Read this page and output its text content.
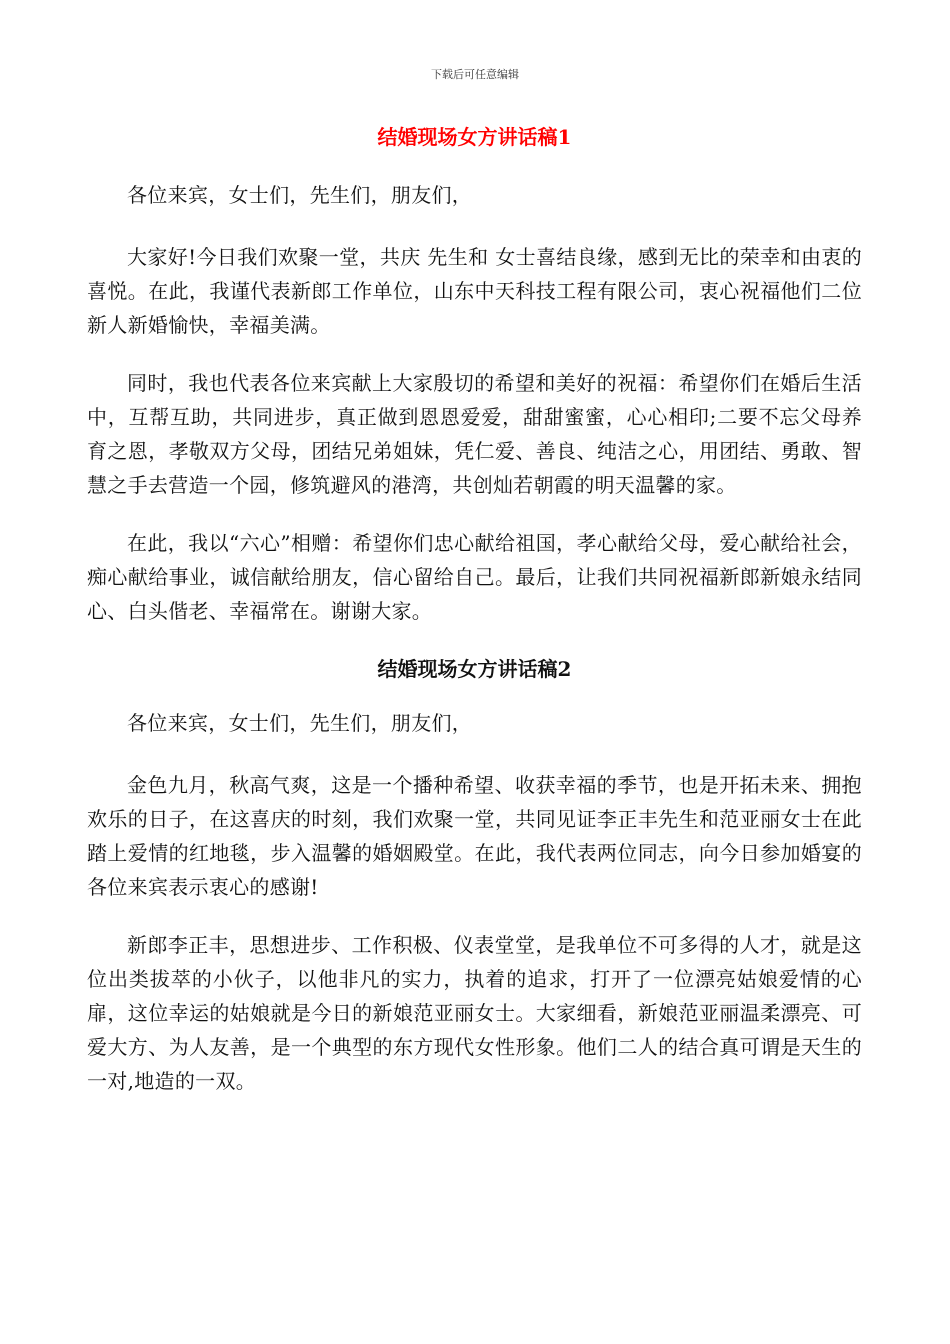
下载后可任意编辑
结婚现场女方讲话稿1

各位来宾，女士们，先生们，朋友们，

大家好!今日我们欢聚一堂，共庆 先生和 女士喜结良缘，感到无比的荣幸和由衷的喜悦。在此，我谨代表新郎工作单位，山东中天科技工程有限公司，衷心祝福他们二位新人新婚愉快，幸福美满。

同时，我也代表各位来宾献上大家殷切的希望和美好的祝福：希望你们在婚后生活中，互帮互助，共同进步，真正做到恩恩爱爱，甜甜蜜蜜，心心相印;二要不忘父母养育之恩，孝敬双方父母，团结兄弟姐妹，凭仁爱、善良、纯洁之心，用团结、勇敢、智慧之手去营造一个园，修筑避风的港湾，共创灿若朝霞的明天温馨的家。

在此，我以“六心”相赠：希望你们忠心献给祖国，孝心献给父母，爱心献给社会，痴心献给事业，诚信献给朋友，信心留给自己。最后，让我们共同祝福新郎新娘永结同心、白头偕老、幸福常在。谢谢大家。

结婚现场女方讲话稿2

各位来宾，女士们，先生们，朋友们，

金色九月，秋高气爽，这是一个播种希望、收获幸福的季节，也是开拓未来、拥抱欢乐的日子，在这喜庆的时刻，我们欢聚一堂，共同见证李正丰先生和范亚丽女士在此踏上爱情的红地毯，步入温馨的婚姻殿堂。在此，我代表两位同志，向今日参加婚宴的各位来宾表示衷心的感谢!

新郎李正丰，思想进步、工作积极、仪表堂堂，是我单位不可多得的人才，就是这位出类拔萃的小伙子，以他非凡的实力，执着的追求，打开了一位漂亮姑娘爱情的心扉，这位幸运的姑娘就是今日的新娘范亚丽女士。大家细看，新娘范亚丽温柔漂亮、可爱大方、为人友善，是一个典型的东方现代女性形象。他们二人的结合真可谓是天生的一对,地造的一双。
